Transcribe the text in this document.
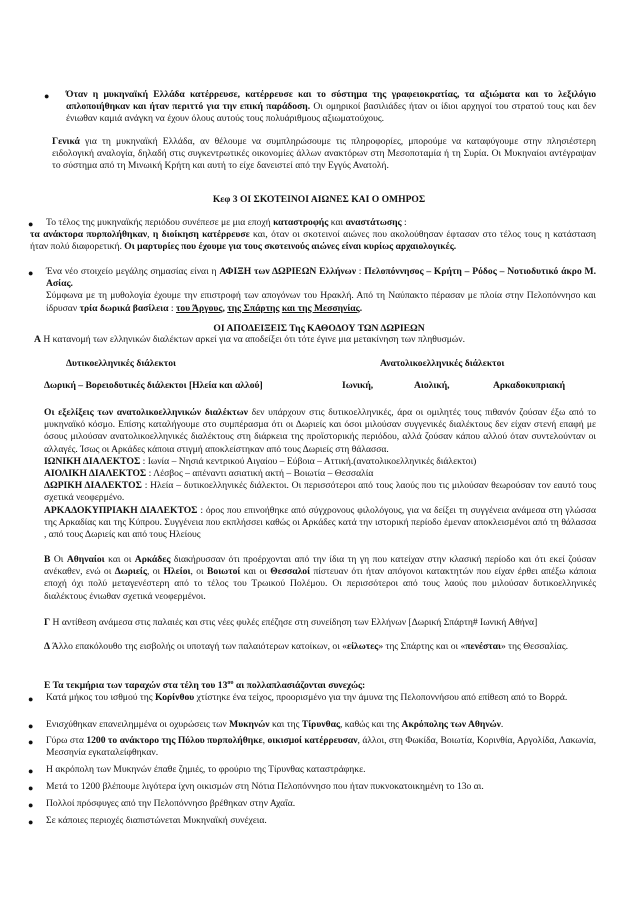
● Όταν η μυκηναϊκή Ελλάδα κατέρρευσε, κατέρρευσε και το σύστημα της γραφειοκρατίας, τα αξιώματα και το λεξιλόγιο απλοποιήθηκαν και ήταν περιττό για την επική παράδοση. Οι ομηρικοί βασιλιάδες ήταν οι ίδιοι αρχηγοί του στρατού τους και δεν ένιωθαν καμιά ανάγκη να έχουν όλους αυτούς τους πολυάριθμους αξιωματούχους.

Γενικά για τη μυκηναϊκή Ελλάδα, αν θέλουμε να συμπληρώσουμε τις πληροφορίες, μπορούμε να καταφύγουμε στην πλησιέστερη ειδολογική αναλογία, δηλαδή στις συγκεντρωτικές οικονομίες άλλων ανακτόρων στη Μεσοποταμία ή τη Συρία. Οι Μυκηναίοι αντέγραψαν το σύστημα από τη Μινωική Κρήτη και αυτή το είχε δανειστεί από την Εγγύς Ανατολή.

Κεφ 3 ΟΙ ΣΚΟΤΕΙΝΟΙ ΑΙΩΝΕΣ ΚΑΙ Ο ΟΜΗΡΟΣ

●	Το τέλος της μυκηναϊκής περιόδου συνέπεσε με μια εποχή καταστροφής και αναστάτωσης :
τα ανάκτορα πυρπολήθηκαν, η διοίκηση κατέρρευσε και, όταν οι σκοτεινοί αιώνες που ακολούθησαν έφτασαν στο τέλος τους η κατάσταση ήταν πολύ διαφορετική. Οι μαρτυρίες που έχουμε για τους σκοτεινούς αιώνες είναι κυρίως αρχαιολογικές.

● Ένα νέο στοιχείο μεγάλης σημασίας είναι η ΑΦΙΞΗ των ΔΩΡΙΕΩΝ Ελλήνων : Πελοπόννησος – Κρήτη – Ρόδος – Νοτιοδυτικό άκρο Μ. Ασίας.
Σύμφωνα με τη μυθολογία έχουμε την επιστροφή των απογόνων του Ηρακλή. Από τη Ναύπακτο πέρασαν με πλοία στην Πελοπόννησο και ίδρυσαν τρία δωρικά βασίλεια : του Άργους, της Σπάρτης και της Μεσσηνίας.

ΟΙ ΑΠΟΔΕΙΞΕΙΣ Της ΚΑΘΟΔΟΥ ΤΩΝ ΔΩΡΙΕΩΝ

Α Η κατανομή των ελληνικών διαλέκτων αρκεί για να αποδείξει ότι τότε έγινε μια μετακίνηση των πληθυσμών.

Δυτικοελληνικές διάλεκτοι	Ανατολικοελληνικές διάλεκτοι
Δωρική – Βορειοδυτικές διάλεκτοι [Ηλεία και αλλού]	Ιωνική,	Αιολική,	Αρκαδοκυπριακή

Οι εξελίξεις των ανατολικοελληνικών διαλέκτων δεν υπάρχουν στις δυτικοελληνικές, άρα οι ομιλητές τους πιθανόν ζούσαν έξω από το μυκηναϊκό κόσμο. Επίσης καταλήγουμε στο συμπέρασμα ότι οι Δωριείς και όσοι μιλούσαν συγγενικές διαλέκτους δεν είχαν στενή επαφή με όσους μιλούσαν ανατολικοελληνικές διαλέκτους στη διάρκεια της προϊστορικής περιόδου, αλλά ζούσαν κάπου αλλού όταν συντελούνταν οι αλλαγές. Ίσως οι Αρκάδες κάποια στιγμή αποκλείστηκαν από τους Δωριείς στη θάλασσα.
ΙΩΝΙΚΗ ΔΙΑΛΕΚΤΟΣ : Ιωνία – Νησιά κεντρικού Αιγαίου – Εύβοια – Αττική.(ανατολικοελληνικές διάλεκτοι)
ΑΙΟΛΙΚΗ ΔΙΑΛΕΚΤΟΣ : Λέσβος – απέναντι ασιατική ακτή – Βοιωτία – Θεσσαλία
ΔΩΡΙΚΗ ΔΙΑΛΕΚΤΟΣ : Ηλεία – δυτικοελληνικές διάλεκτοι. Οι περισσότεροι από τους λαούς που τις μιλούσαν θεωρούσαν τον εαυτό τους σχετικά νεοφερμένο.
ΑΡΚΑΔΟΚΥΠΡΙΑΚΗ ΔΙΑΛΕΚΤΟΣ : όρος που επινοήθηκε από σύγχρονους φιλολόγους, για να δείξει τη συγγένεια ανάμεσα στη γλώσσα της Αρκαδίας και της Κύπρου. Συγγένεια που εκπλήσσει καθώς οι Αρκάδες κατά την ιστορική περίοδο έμεναν αποκλεισμένοι από τη θάλασσα , από τους Δωριείς και από τους Ηλείους

Β Οι Αθηναίοι και οι Αρκάδες διακήρυσσαν ότι προέρχονται από την ίδια τη γη που κατείχαν στην κλασική περίοδο και ότι εκεί ζούσαν ανέκαθεν, ενώ οι Δωριείς, οι Ηλείοι, οι Βοιωτοί και οι Θεσσαλοί πίστευαν ότι ήταν απόγονοι κατακτητών που είχαν έρθει απέξω κάποια εποχή όχι πολύ μεταγενέστερη από το τέλος του Τρωικού Πολέμου. Οι περισσότεροι από τους λαούς που μιλούσαν δυτικοελληνικές διαλέκτους ένιωθαν σχετικά νεοφερμένοι.

Γ Η αντίθεση ανάμεσα στις παλαιές και στις νέες φυλές επέζησε στη συνείδηση των Ελλήνων [Δωρική Σπάρτη# Ιωνική Αθήνα]

Δ Άλλο επακόλουθο της εισβολής οι υποταγή των παλαιότερων κατοίκων, οι «είλωτες» της Σπάρτης και οι «πενέσται» της Θεσσαλίας.

Ε Τα τεκμήρια των ταραχών στα τέλη του $13^{o\upsilon}$ αι πολλαπλασιάζονται συνεχώς:

● Κατά μήκος του ισθμού της Κορίνθου χτίστηκε ένα τείχος, προορισμένο για την άμυνα της Πελοποννήσου από επίθεση από το Βορρά.

● Ενισχύθηκαν επανειλημμένα οι οχυρώσεις των Μυκηνών και της Τίρυνθας, καθώς και της Ακρόπολης των Αθηνών.

● Γύρω στα 1200 το ανάκτορο της Πύλου πυρπολήθηκε, οικισμοί κατέρρευσαν, άλλοι, στη Φωκίδα, Βοιωτία, Κορινθία, Αργολίδα, Λακωνία, Μεσσηνία εγκαταλείφθηκαν.

● Η ακρόπολη των Μυκηνών έπαθε ζημιές, το φρούριο της Τίρυνθας καταστράφηκε.

● Μετά το 1200 βλέπουμε λιγότερα ίχνη οικισμών στη Νότια Πελοπόννησο που ήταν πυκνοκατοικημένη το 13ο αι.

● Πολλοί πρόσφυγες από την Πελοπόννησο βρέθηκαν στην Αχαΐα.

● Σε κάποιες περιοχές διαπιστώνεται Μυκηναϊκή συνέχεια.
